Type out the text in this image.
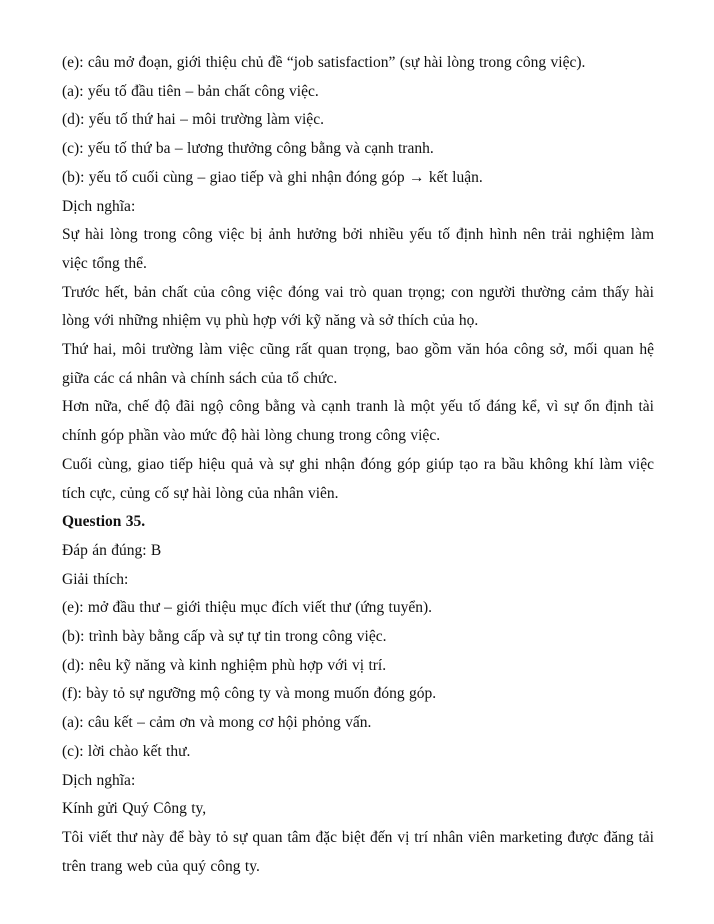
(e): câu mở đoạn, giới thiệu chủ đề “job satisfaction” (sự hài lòng trong công việc).

(a): yếu tố đầu tiên – bản chất công việc.

(d): yếu tố thứ hai – môi trường làm việc.

(c): yếu tố thứ ba – lương thưởng công bằng và cạnh tranh.

(b): yếu tố cuối cùng – giao tiếp và ghi nhận đóng góp → kết luận.

Dịch nghĩa:

Sự hài lòng trong công việc bị ảnh hưởng bởi nhiều yếu tố định hình nên trải nghiệm làm việc tổng thể.

Trước hết, bản chất của công việc đóng vai trò quan trọng; con người thường cảm thấy hài lòng với những nhiệm vụ phù hợp với kỹ năng và sở thích của họ.

Thứ hai, môi trường làm việc cũng rất quan trọng, bao gồm văn hóa công sở, mối quan hệ giữa các cá nhân và chính sách của tổ chức.

Hơn nữa, chế độ đãi ngộ công bằng và cạnh tranh là một yếu tố đáng kể, vì sự ổn định tài chính góp phần vào mức độ hài lòng chung trong công việc.

Cuối cùng, giao tiếp hiệu quả và sự ghi nhận đóng góp giúp tạo ra bầu không khí làm việc tích cực, củng cố sự hài lòng của nhân viên.

Question 35.

Đáp án đúng: B

Giải thích:

(e): mở đầu thư – giới thiệu mục đích viết thư (ứng tuyển).

(b): trình bày bằng cấp và sự tự tin trong công việc.

(d): nêu kỹ năng và kinh nghiệm phù hợp với vị trí.

(f): bày tỏ sự ngưỡng mộ công ty và mong muốn đóng góp.

(a): câu kết – cảm ơn và mong cơ hội phỏng vấn.

(c): lời chào kết thư.

Dịch nghĩa:

Kính gửi Quý Công ty,

Tôi viết thư này để bày tỏ sự quan tâm đặc biệt đến vị trí nhân viên marketing được đăng tải trên trang web của quý công ty.
